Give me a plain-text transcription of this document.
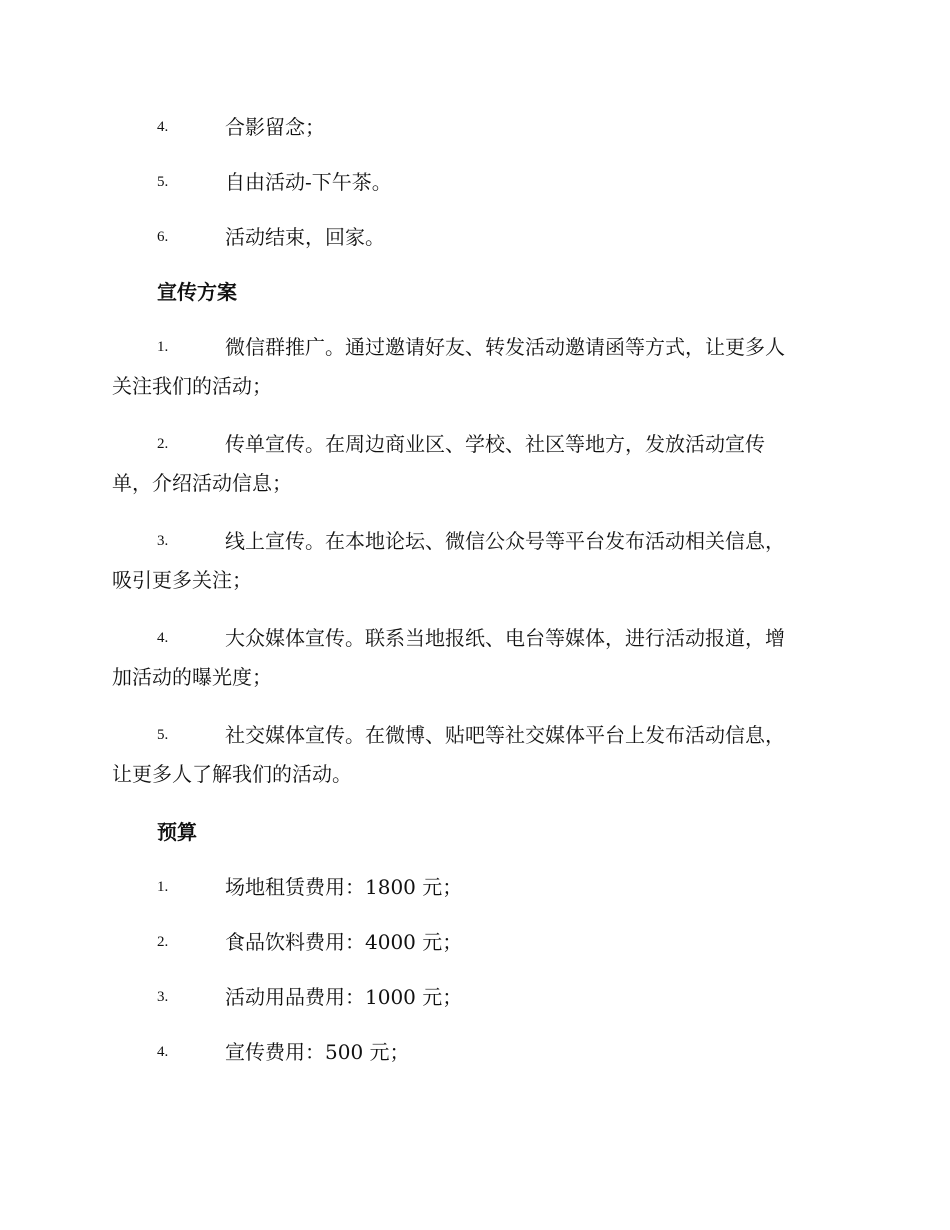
4.	合影留念；
5.	自由活动-下午茶。
6.	活动结束，回家。
宣传方案
1.	微信群推广。通过邀请好友、转发活动邀请函等方式，让更多人
关注我们的活动；
2.	传单宣传。在周边商业区、学校、社区等地方，发放活动宣传
单，介绍活动信息；
3.	线上宣传。在本地论坛、微信公众号等平台发布活动相关信息，
吸引更多关注；
4.	大众媒体宣传。联系当地报纸、电台等媒体，进行活动报道，增
加活动的曝光度；
5.	社交媒体宣传。在微博、贴吧等社交媒体平台上发布活动信息，
让更多人了解我们的活动。
预算
1.	场地租赁费用：1800 元；
2.	食品饮料费用：4000 元；
3.	活动用品费用：1000 元；
4.	宣传费用：500 元；
